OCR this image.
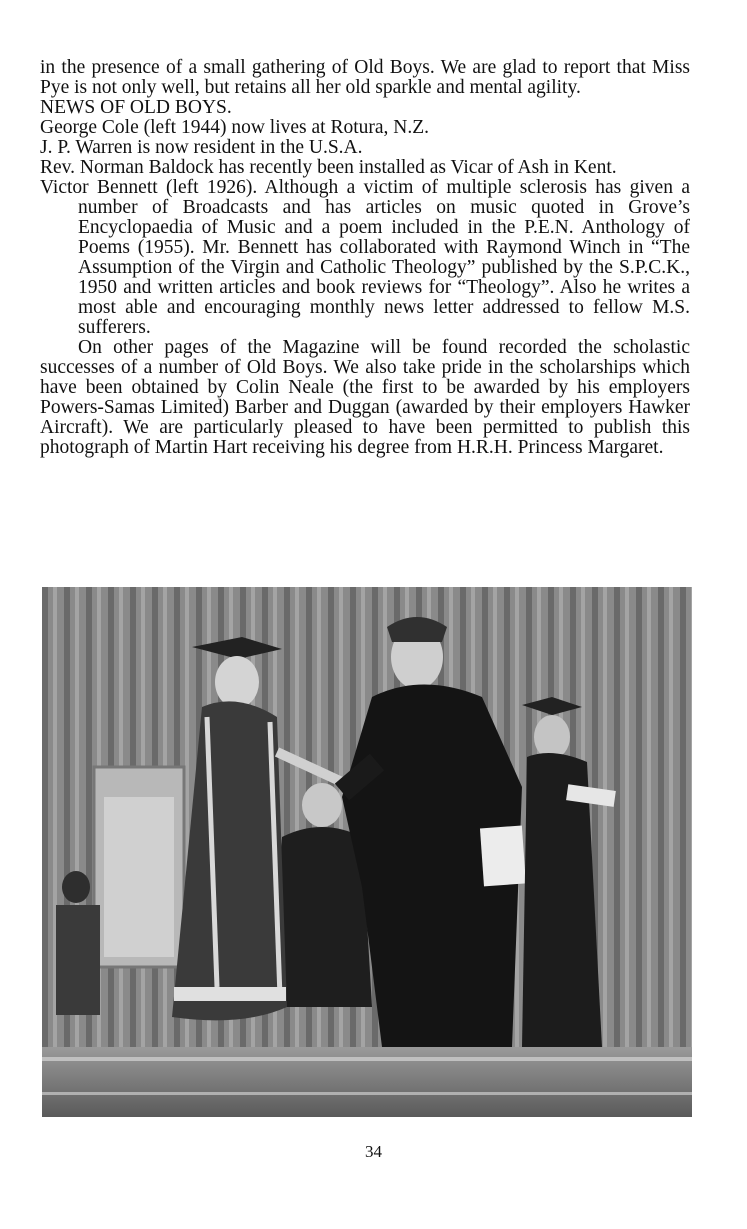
in the presence of a small gathering of Old Boys. We are glad to report that Miss Pye is not only well, but retains all her old sparkle and mental agility.

NEWS OF OLD BOYS.

George Cole (left 1944) now lives at Rotura, N.Z.

J. P. Warren is now resident in the U.S.A.

Rev. Norman Baldock has recently been installed as Vicar of Ash in Kent.

Victor Bennett (left 1926). Although a victim of multiple sclerosis has given a number of Broadcasts and has articles on music quoted in Grove’s Encyclopaedia of Music and a poem included in the P.E.N. Anthology of Poems (1955). Mr. Bennett has collaborated with Raymond Winch in “The Assumption of the Virgin and Catholic Theology” published by the S.P.C.K., 1950 and written articles and book reviews for “Theology”. Also he writes a most able and encouraging monthly news letter addressed to fellow M.S. sufferers.

On other pages of the Magazine will be found recorded the scholastic successes of a number of Old Boys. We also take pride in the scholarships which have been obtained by Colin Neale (the first to be awarded by his employers Powers-Samas Limited) Barber and Duggan (awarded by their employers Hawker Aircraft). We are particularly pleased to have been permitted to publish this photograph of Martin Hart receiving his degree from H.R.H. Princess Margaret.

34
